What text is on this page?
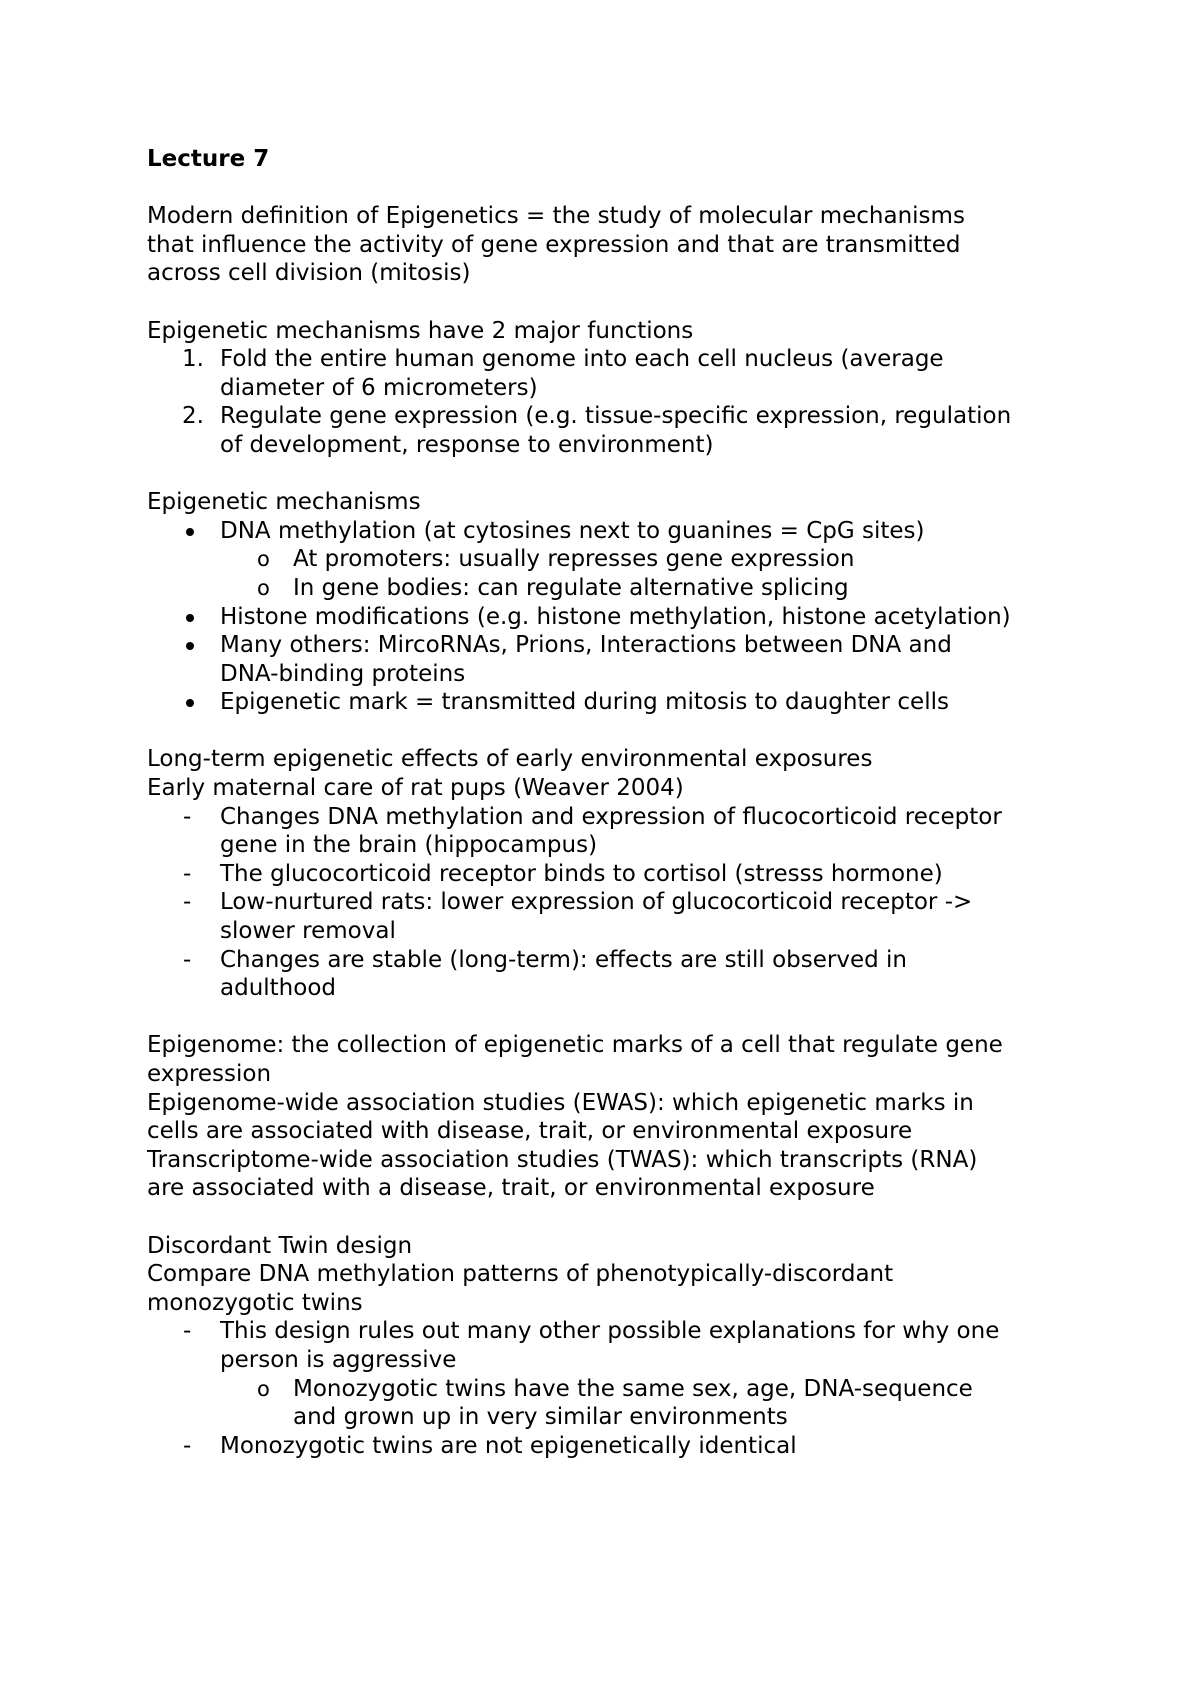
Lecture 7

Modern definition of Epigenetics = the study of molecular mechanisms

that influence the activity of gene expression and that are transmitted

across cell division (mitosis)

Epigenetic mechanisms have 2 major functions

1. Fold the entire human genome into each cell nucleus (average

diameter of 6 micrometers)

2. Regulate gene expression (e.g. tissue-specific expression, regulation

of development, response to environment)

Epigenetic mechanisms

DNA methylation (at cytosines next to guanines = CpG sites)

o At promoters: usually represses gene expression

o In gene bodies: can regulate alternative splicing

Histone modifications (e.g. histone methylation, histone acetylation)

Many others: MircoRNAs, Prions, Interactions between DNA and

DNA-binding proteins

Epigenetic mark = transmitted during mitosis to daughter cells

Long-term epigenetic effects of early environmental exposures

Early maternal care of rat pups (Weaver 2004)

- Changes DNA methylation and expression of flucocorticoid receptor

gene in the brain (hippocampus)

- The glucocorticoid receptor binds to cortisol (stresss hormone)

- Low-nurtured rats: lower expression of glucocorticoid receptor ->

slower removal

- Changes are stable (long-term): effects are still observed in

adulthood

Epigenome: the collection of epigenetic marks of a cell that regulate gene

expression

Epigenome-wide association studies (EWAS): which epigenetic marks in

cells are associated with disease, trait, or environmental exposure

Transcriptome-wide association studies (TWAS): which transcripts (RNA)

are associated with a disease, trait, or environmental exposure

Discordant Twin design

Compare DNA methylation patterns of phenotypically-discordant

monozygotic twins

- This design rules out many other possible explanations for why one

person is aggressive

o Monozygotic twins have the same sex, age, DNA-sequence

and grown up in very similar environments

- Monozygotic twins are not epigenetically identical
